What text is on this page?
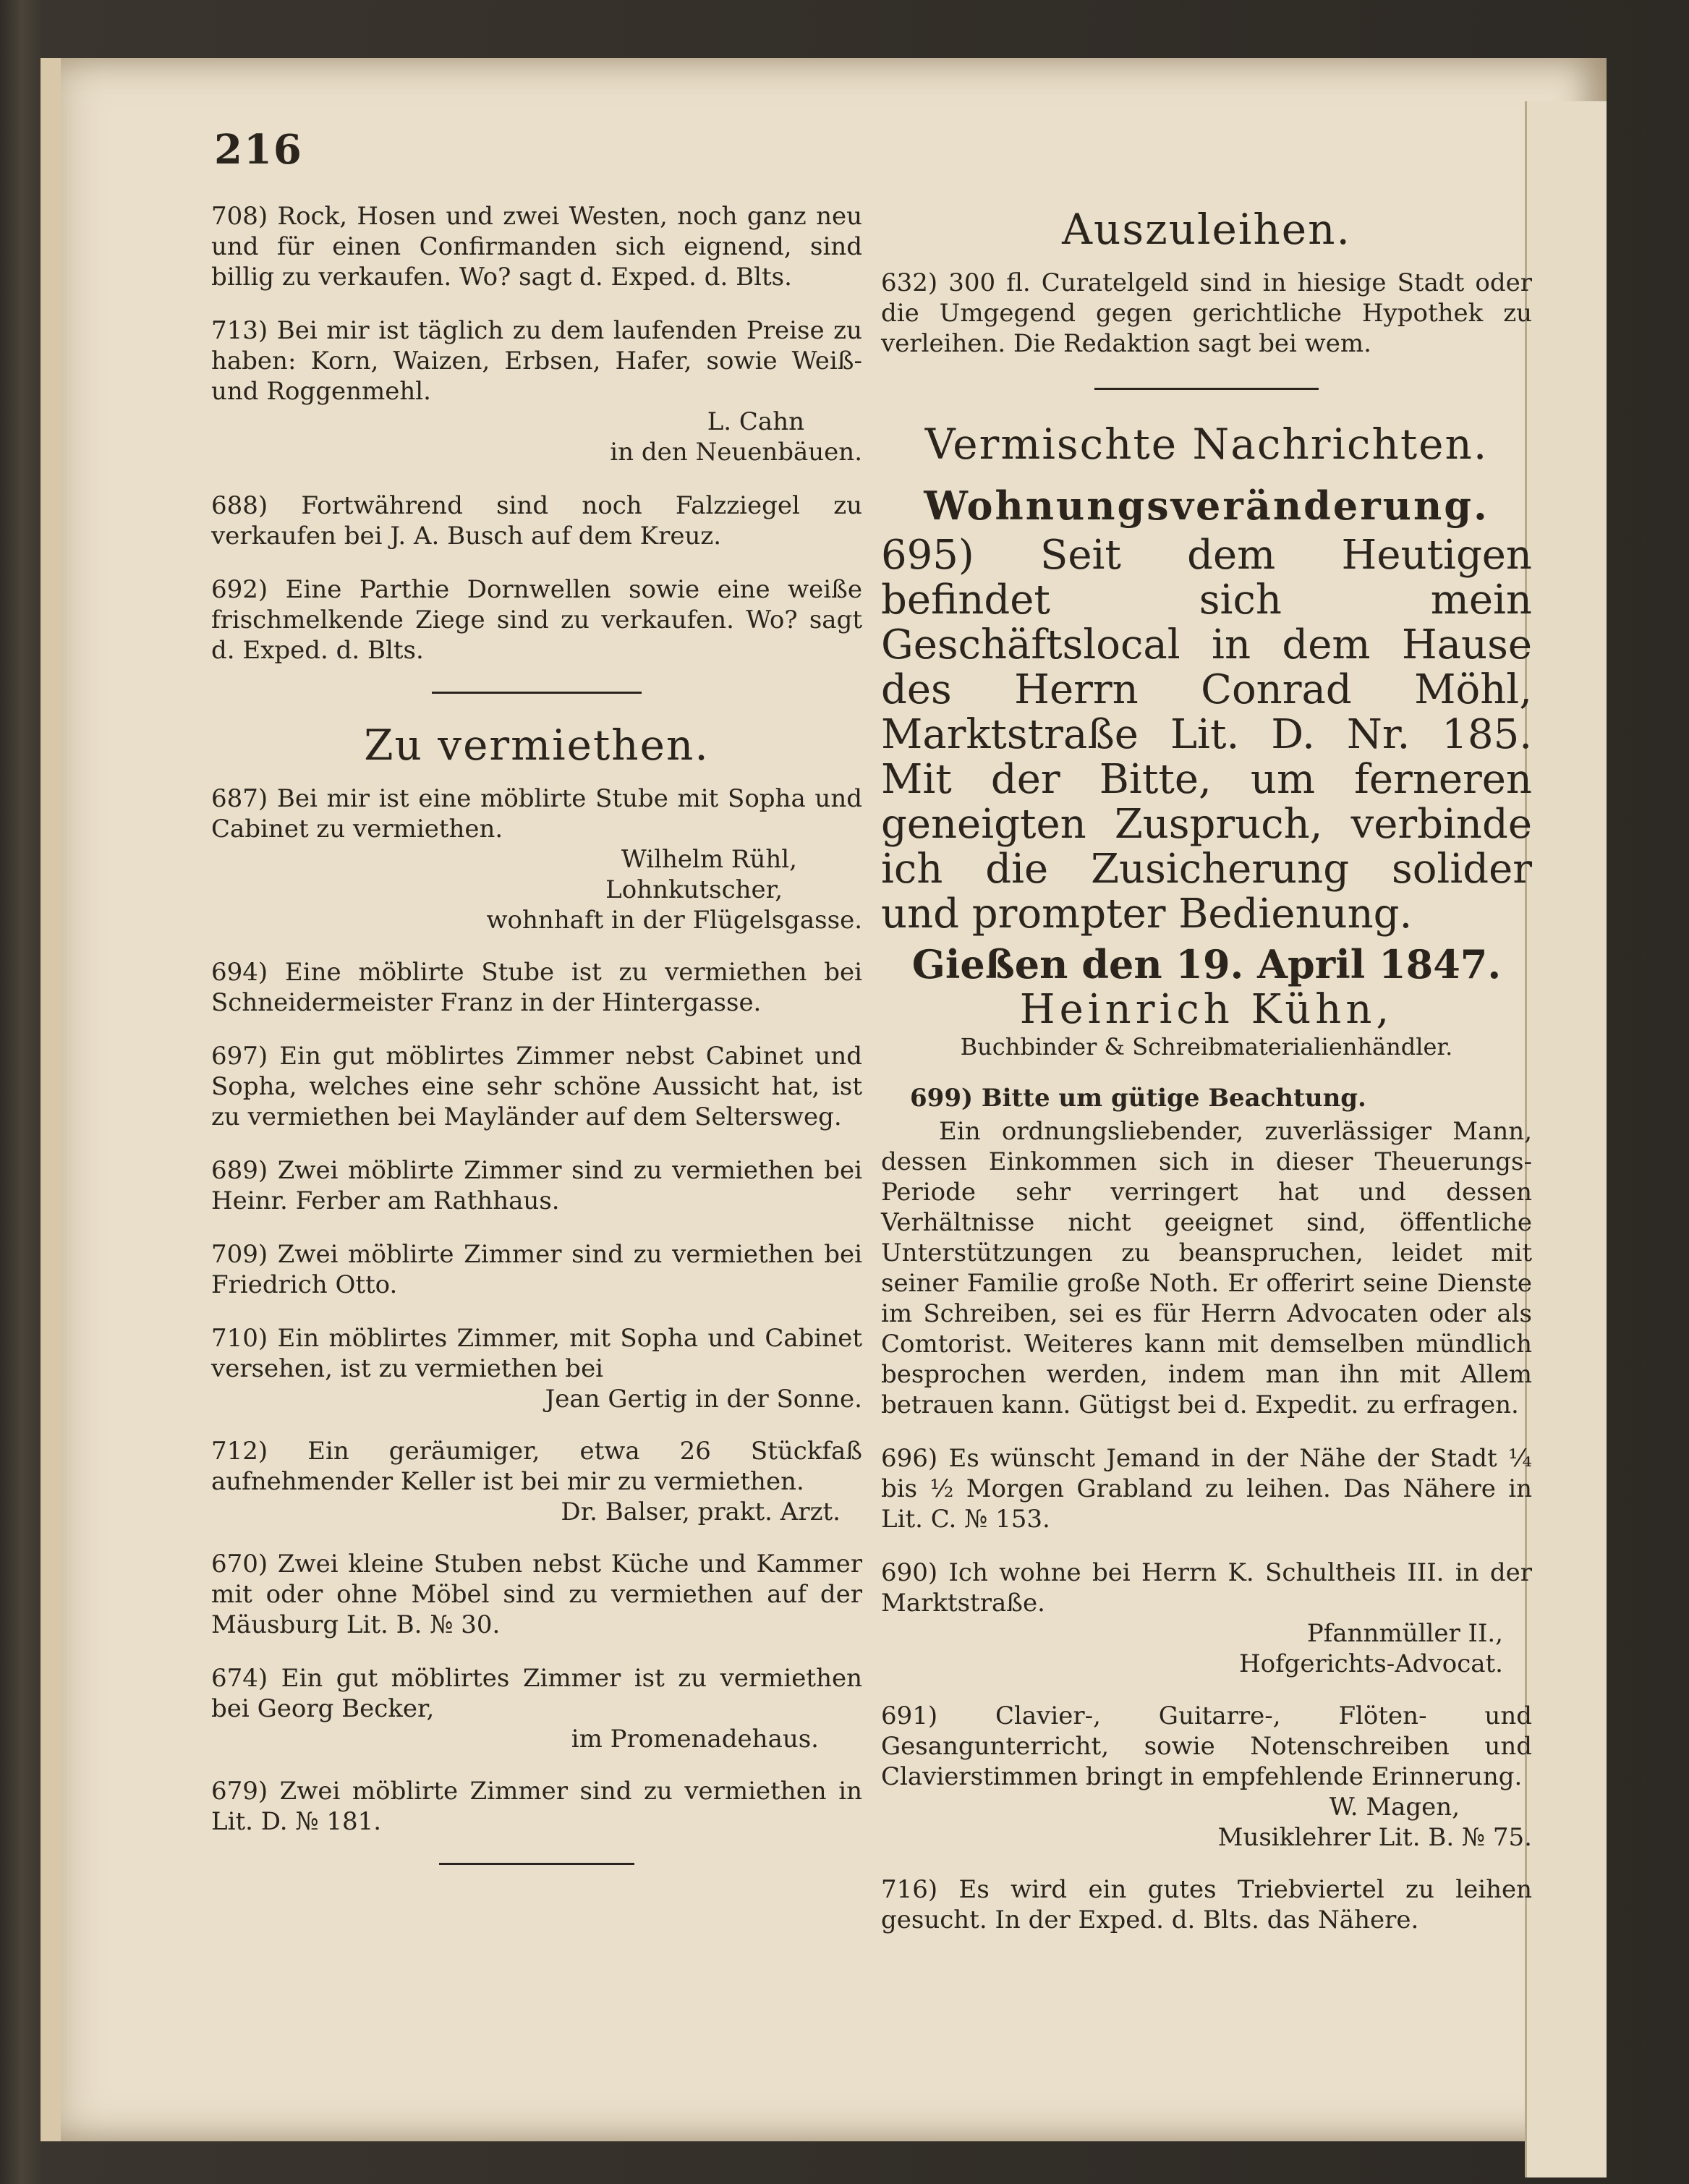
216

708) Rock, Hosen und zwei Westen, noch ganz neu und für einen Confirmanden sich eignend, sind billig zu verkaufen. Wo? sagt d. Exped. d. Blts.

713) Bei mir ist täglich zu dem laufenden Preise zu haben: Korn, Waizen, Erbsen, Hafer, sowie Weiß- und Roggenmehl.

L. Cahn
in den Neuenbäuen.

688) Fortwährend sind noch Falzziegel zu verkaufen bei J. A. Busch auf dem Kreuz.

692) Eine Parthie Dornwellen sowie eine weiße frischmelkende Ziege sind zu verkaufen. Wo? sagt d. Exped. d. Blts.

Zu vermiethen.

687) Bei mir ist eine möblirte Stube mit Sopha und Cabinet zu vermiethen.

Wilhelm Rühl,
Lohnkutscher,
wohnhaft in der Flügelsgasse.

694) Eine möblirte Stube ist zu vermiethen bei Schneidermeister Franz in der Hintergasse.

697) Ein gut möblirtes Zimmer nebst Cabinet und Sopha, welches eine sehr schöne Aussicht hat, ist zu vermiethen bei Mayländer auf dem Seltersweg.

689) Zwei möblirte Zimmer sind zu vermiethen bei Heinr. Ferber am Rathhaus.

709) Zwei möblirte Zimmer sind zu vermiethen bei Friedrich Otto.

710) Ein möblirtes Zimmer, mit Sopha und Cabinet versehen, ist zu vermiethen bei

Jean Gertig in der Sonne.

712) Ein geräumiger, etwa 26 Stückfaß aufnehmender Keller ist bei mir zu vermiethen.

Dr. Balser, prakt. Arzt.

670) Zwei kleine Stuben nebst Küche und Kammer mit oder ohne Möbel sind zu vermiethen auf der Mäusburg Lit. B. № 30.

674) Ein gut möblirtes Zimmer ist zu vermiethen bei Georg Becker,

im Promenadehaus.

679) Zwei möblirte Zimmer sind zu vermiethen in Lit. D. № 181.

Auszuleihen.

632) 300 fl. Curatelgeld sind in hiesige Stadt oder die Umgegend gegen gerichtliche Hypothek zu verleihen. Die Redaktion sagt bei wem.

Vermischte Nachrichten.
Wohnungsveränderung.

695) Seit dem Heutigen befindet sich mein Geschäftslocal in dem Hause des Herrn Conrad Möhl, Marktstraße Lit. D. Nr. 185. Mit der Bitte, um ferneren geneigten Zuspruch, verbinde ich die Zusicherung solider und prompter Bedienung.

Gießen den 19. April 1847.

Heinrich Kühn,

Buchbinder & Schreibmaterialienhändler.

699) Bitte um gütige Beachtung.

Ein ordnungsliebender, zuverlässiger Mann, dessen Einkommen sich in dieser Theuerungs-Periode sehr verringert hat und dessen Verhältnisse nicht geeignet sind, öffentliche Unterstützungen zu beanspruchen, leidet mit seiner Familie große Noth. Er offerirt seine Dienste im Schreiben, sei es für Herrn Advocaten oder als Comtorist. Weiteres kann mit demselben mündlich besprochen werden, indem man ihn mit Allem betrauen kann. Gütigst bei d. Expedit. zu erfragen.

696) Es wünscht Jemand in der Nähe der Stadt ¼ bis ½ Morgen Grabland zu leihen. Das Nähere in Lit. C. № 153.

690) Ich wohne bei Herrn K. Schultheis III. in der Marktstraße.

Pfannmüller II.,
Hofgerichts-Advocat.

691) Clavier-, Guitarre-, Flöten- und Gesangunterricht, sowie Notenschreiben und Clavierstimmen bringt in empfehlende Erinnerung.

W. Magen,
Musiklehrer Lit. B. № 75.

716) Es wird ein gutes Triebviertel zu leihen gesucht. In der Exped. d. Blts. das Nähere.
